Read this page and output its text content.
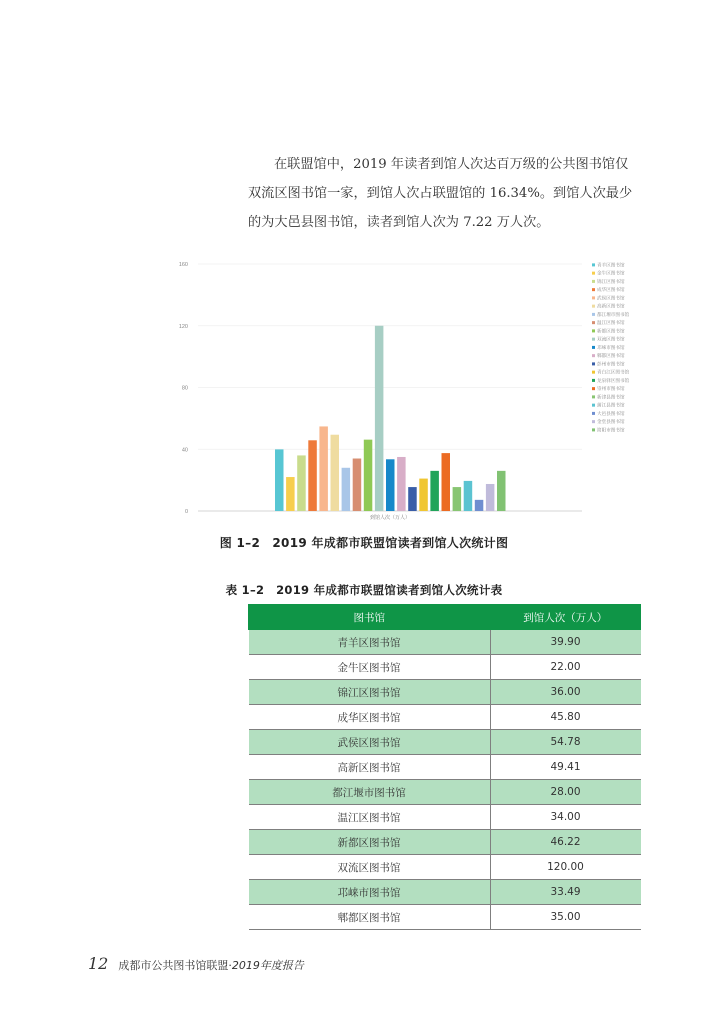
在联盟馆中，2019 年读者到馆人次达百万级的公共图书馆仅

双流区图书馆一家，到馆人次占联盟馆的 16.34%。到馆人次最少

的为大邑县图书馆，读者到馆人次为 7.22 万人次。

0
40
80
120
160
到馆人次（万人）
青羊区图书馆
金牛区图书馆
锦江区图书馆
成华区图书馆
武侯区图书馆
高新区图书馆
都江堰市图书馆
温江区图书馆
新都区图书馆
双流区图书馆
邛崃市图书馆
郫都区图书馆
彭州市图书馆
青白江区图书馆
龙泉驿区图书馆
崇州市图书馆
新津县图书馆
蒲江县图书馆
大邑县图书馆
金堂县图书馆
简阳市图书馆
图 1–2　2019 年成都市联盟馆读者到馆人次统计图
表 1–2　2019 年成都市联盟馆读者到馆人次统计表
图书馆	到馆人次（万人）
青羊区图书馆	39.90
金牛区图书馆	22.00
锦江区图书馆	36.00
成华区图书馆	45.80
武侯区图书馆	54.78
高新区图书馆	49.41
都江堰市图书馆	28.00
温江区图书馆	34.00
新都区图书馆	46.22
双流区图书馆	120.00
邛崃市图书馆	33.49
郫都区图书馆	35.00
12 成都市公共图书馆联盟·2019年度报告
